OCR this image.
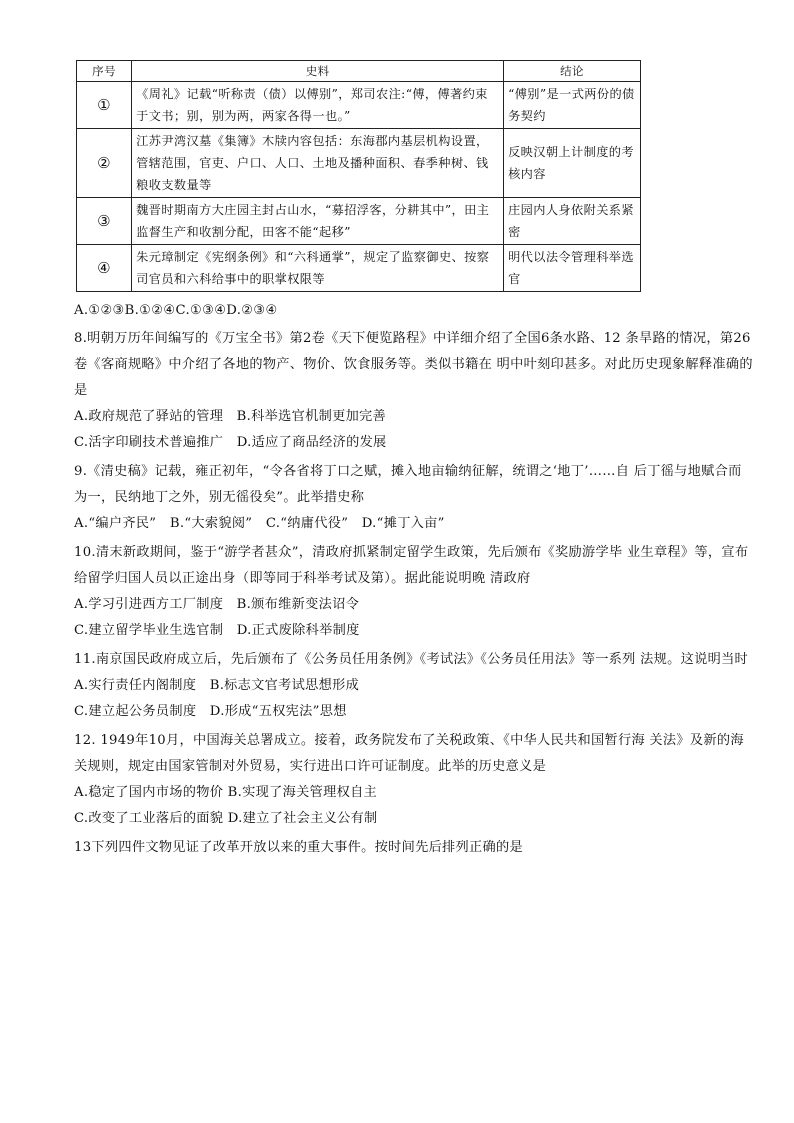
序号	史料	结论
①	《周礼》记载“听称责（债）以傅别”，郑司农注:“傅，傅著约束于文书；别，别为两，两家各得一也。”	“傅别”是一式两份的债务契约
②	江苏尹湾汉墓《集簿》木牍内容包括：东海郡内基层机构设置，管辖范围，官吏、户口、人口、土地及播种面积、春季种树、钱粮收支数量等	反映汉朝上计制度的考核内容
③	魏晋时期南方大庄园主封占山水，“募招浮客，分耕其中”，田主监督生产和收割分配，田客不能“起移”	庄园内人身依附关系紧密
④	朱元璋制定《宪纲条例》和“六科通掌”，规定了监察御史、按察司官员和六科给事中的职掌权限等	明代以法令管理科举选官

A.①②③B.①②④C.①③④D.②③④

8.明朝万历年间编写的《万宝全书》第2卷《天下便览路程》中详细介绍了全国6条水路、12 条旱路的情况，第26卷《客商规略》中介绍了各地的物产、物价、饮食服务等。类似书籍在 明中叶刻印甚多。对此历史现象解释准确的是

A.政府规范了驿站的管理　B.科举选官机制更加完善

C.活字印刷技术普遍推广　D.适应了商品经济的发展

9.《清史稿》记载，雍正初年，“令各省将丁口之赋，摊入地亩输纳征解，统谓之‘地丁’……自 后丁徭与地赋合而为一，民纳地丁之外，别无徭役矣”。此举措史称

A.“编户齐民”　B.“大索貌阅”　C.“纳庸代役”　D.“摊丁入亩”

10.清末新政期间，鉴于“游学者甚众”，清政府抓紧制定留学生政策，先后颁布《奖励游学毕 业生章程》等，宣布给留学归国人员以正途出身（即等同于科举考试及第）。据此能说明晚 清政府

A.学习引进西方工厂制度　B.颁布维新变法诏令

C.建立留学毕业生选官制　D.正式废除科举制度

11.南京国民政府成立后，先后颁布了《公务员任用条例》《考试法》《公务员任用法》等一系列 法规。这说明当时

A.实行责任内阁制度　B.标志文官考试思想形成

C.建立起公务员制度　D.形成“五权宪法”思想

12. 1949年10月，中国海关总署成立。接着，政务院发布了关税政策、《中华人民共和国暂行海 关法》及新的海关规则，规定由国家管制对外贸易，实行进出口许可证制度。此举的历史意义是

A.稳定了国内市场的物价 B.实现了海关管理权自主

C.改变了工业落后的面貌 D.建立了社会主义公有制

13下列四件文物见证了改革开放以来的重大事件。按时间先后排列正确的是
